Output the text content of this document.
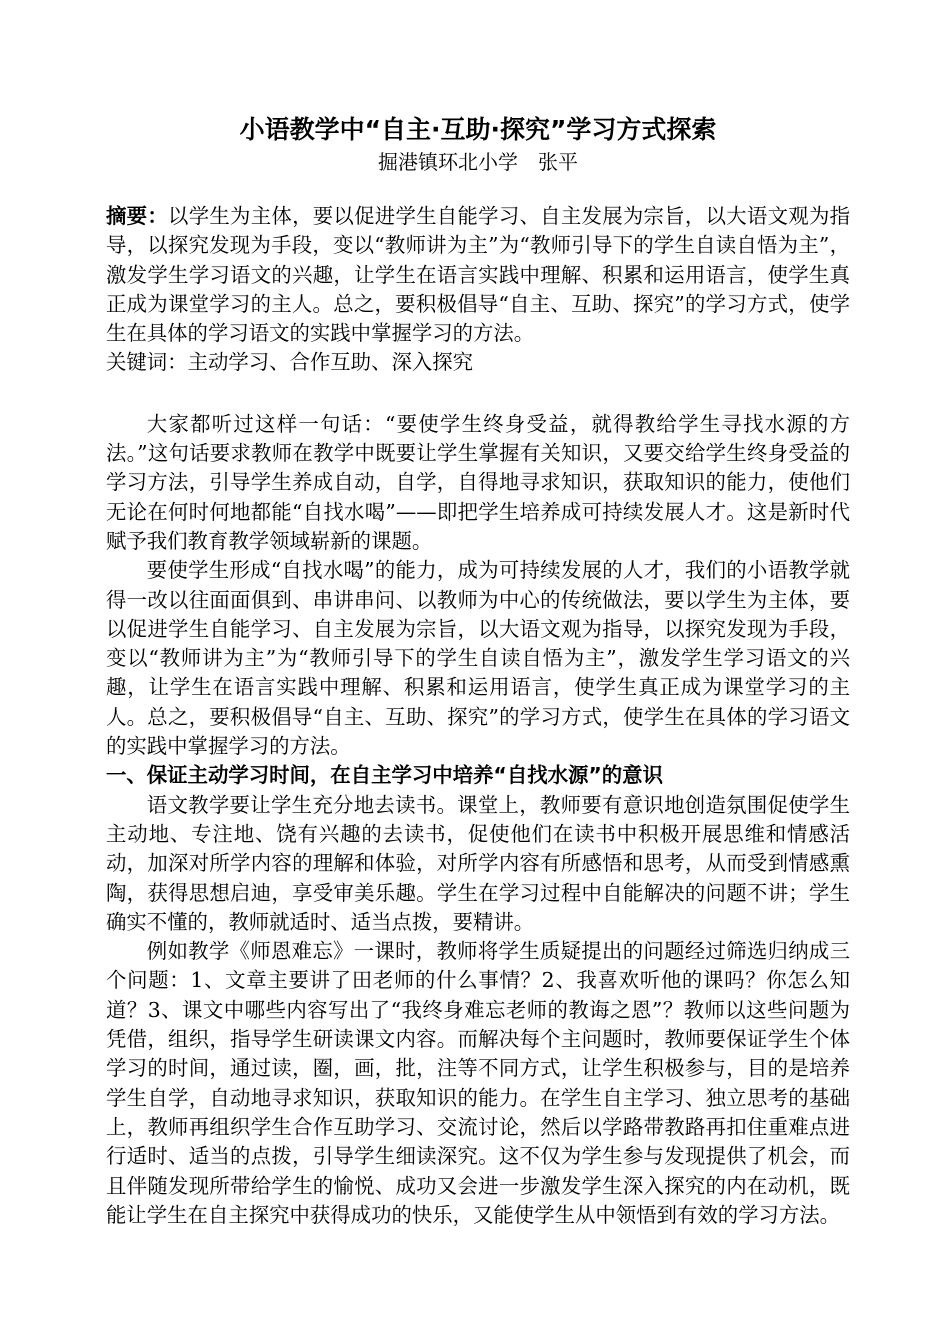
小语教学中“自主·互助·探究”学习方式探索

掘港镇环北小学　张平

摘要：以学生为主体，要以促进学生自能学习、自主发展为宗旨，以大语文观为指导，以探究发现为手段，变以“教师讲为主”为“教师引导下的学生自读自悟为主”，激发学生学习语文的兴趣，让学生在语言实践中理解、积累和运用语言，使学生真正成为课堂学习的主人。总之，要积极倡导“自主、互助、探究”的学习方式，使学生在具体的学习语文的实践中掌握学习的方法。

关键词：主动学习、合作互助、深入探究

大家都听过这样一句话：“要使学生终身受益，就得教给学生寻找水源的方法。”这句话要求教师在教学中既要让学生掌握有关知识，又要交给学生终身受益的学习方法，引导学生养成自动，自学，自得地寻求知识，获取知识的能力，使他们无论在何时何地都能“自找水喝”——即把学生培养成可持续发展人才。这是新时代赋予我们教育教学领域崭新的课题。

要使学生形成“自找水喝”的能力，成为可持续发展的人才，我们的小语教学就得一改以往面面俱到、串讲串问、以教师为中心的传统做法，要以学生为主体，要以促进学生自能学习、自主发展为宗旨，以大语文观为指导，以探究发现为手段，变以“教师讲为主”为“教师引导下的学生自读自悟为主”，激发学生学习语文的兴趣，让学生在语言实践中理解、积累和运用语言，使学生真正成为课堂学习的主人。总之，要积极倡导“自主、互助、探究”的学习方式，使学生在具体的学习语文的实践中掌握学习的方法。

一、保证主动学习时间，在自主学习中培养“自找水源”的意识

语文教学要让学生充分地去读书。课堂上，教师要有意识地创造氛围促使学生主动地、专注地、饶有兴趣的去读书，促使他们在读书中积极开展思维和情感活动，加深对所学内容的理解和体验，对所学内容有所感悟和思考，从而受到情感熏陶，获得思想启迪，享受审美乐趣。学生在学习过程中自能解决的问题不讲；学生确实不懂的，教师就适时、适当点拨，要精讲。

例如教学《师恩难忘》一课时，教师将学生质疑提出的问题经过筛选归纳成三个问题：1、文章主要讲了田老师的什么事情？2、我喜欢听他的课吗？你怎么知道？3、课文中哪些内容写出了“我终身难忘老师的教诲之恩”？教师以这些问题为凭借，组织，指导学生研读课文内容。而解决每个主问题时，教师要保证学生个体学习的时间，通过读，圈，画，批，注等不同方式，让学生积极参与，目的是培养学生自学，自动地寻求知识，获取知识的能力。在学生自主学习、独立思考的基础上，教师再组织学生合作互助学习、交流讨论，然后以学路带教路再扣住重难点进行适时、适当的点拨，引导学生细读深究。这不仅为学生参与发现提供了机会，而且伴随发现所带给学生的愉悦、成功又会进一步激发学生深入探究的内在动机，既能让学生在自主探究中获得成功的快乐，又能使学生从中领悟到有效的学习方法。
